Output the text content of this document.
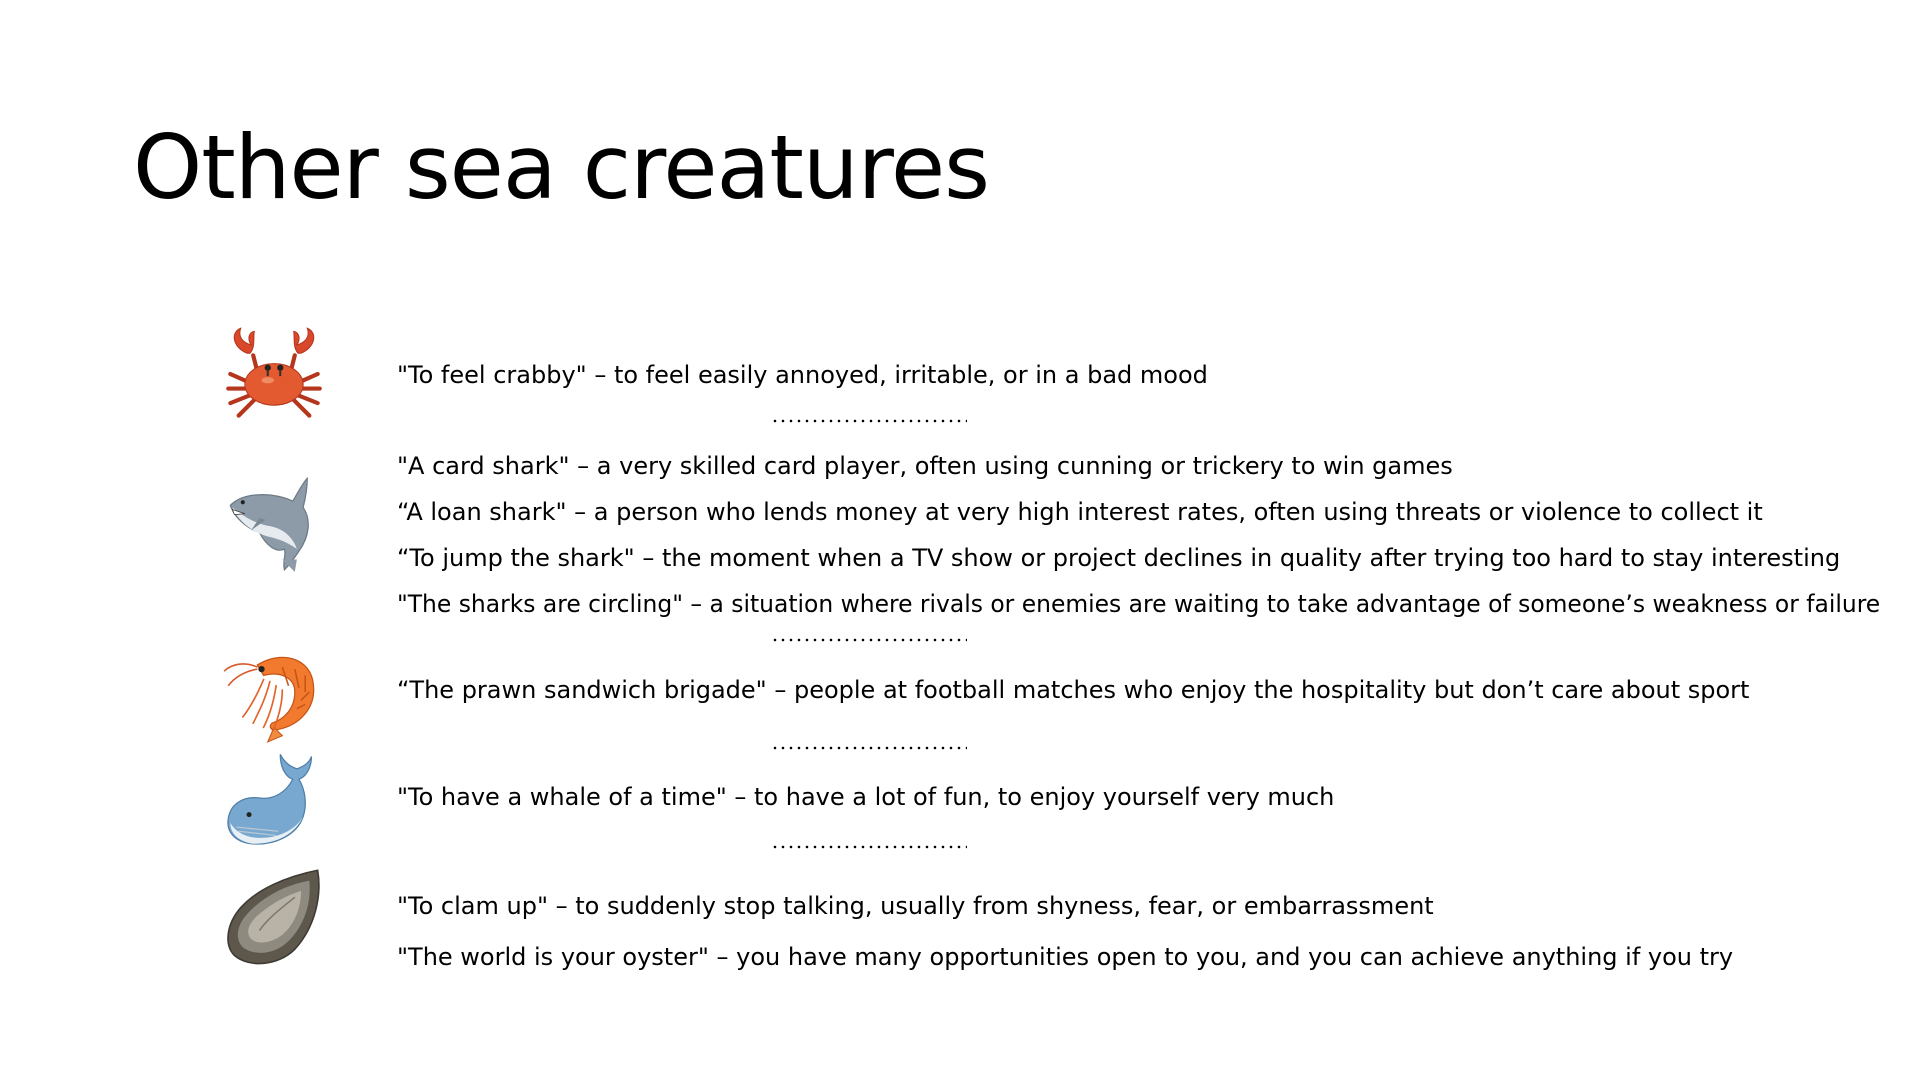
Other sea creatures

"To feel crabby" – to feel easily annoyed, irritable, or in a bad mood

"A card shark" – a very skilled card player, often using cunning or trickery to win games

“A loan shark" – a person who lends money at very high interest rates, often using threats or violence to collect it

“To jump the shark" – the moment when a TV show or project declines in quality after trying too hard to stay interesting

"The sharks are circling" – a situation where rivals or enemies are waiting to take advantage of someone’s weakness or failure

“The prawn sandwich brigade" – people at football matches who enjoy the hospitality but don’t care about sport

"To have a whale of a time" – to have a lot of fun, to enjoy yourself very much

"To clam up" – to suddenly stop talking, usually from shyness, fear, or embarrassment

"The world is your oyster" – you have many opportunities open to you, and you can achieve anything if you try
